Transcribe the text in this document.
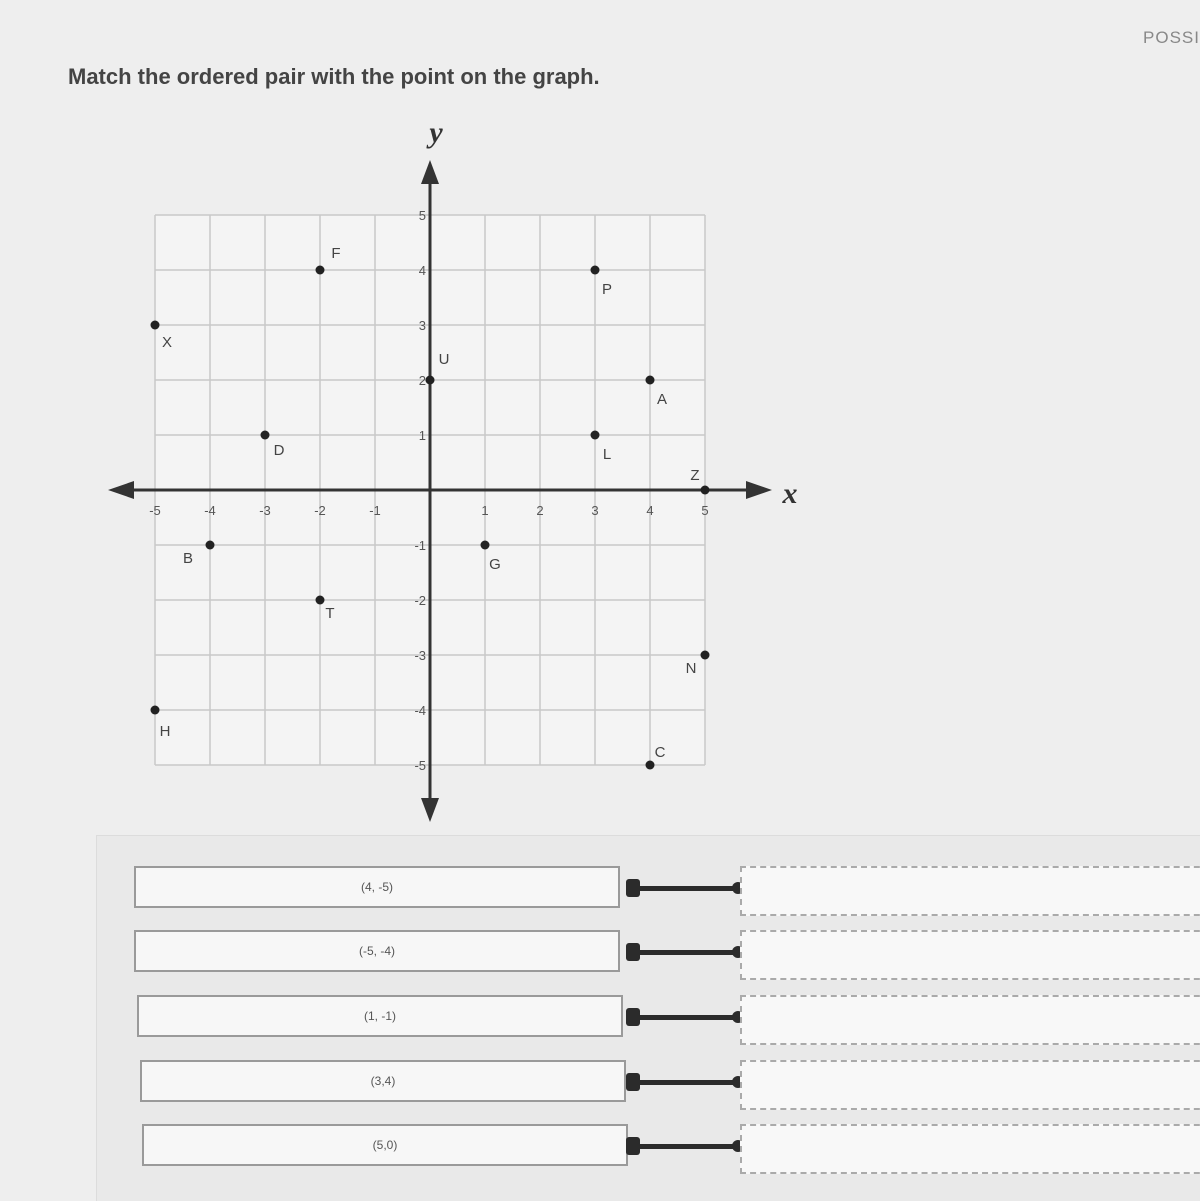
POSSI
Match the ordered pair with the point on the graph.
x
y
-5	-4	-3	-2	-1	1	2	3	4	5
5
4
3
2
1
-1
-2
-3
-4
-5
F
X
D
U
P
A
L
Z
B	G
T
N
H
C
(4, -5)
(-5, -4)
(1, -1)
(3,4)
(5,0)
